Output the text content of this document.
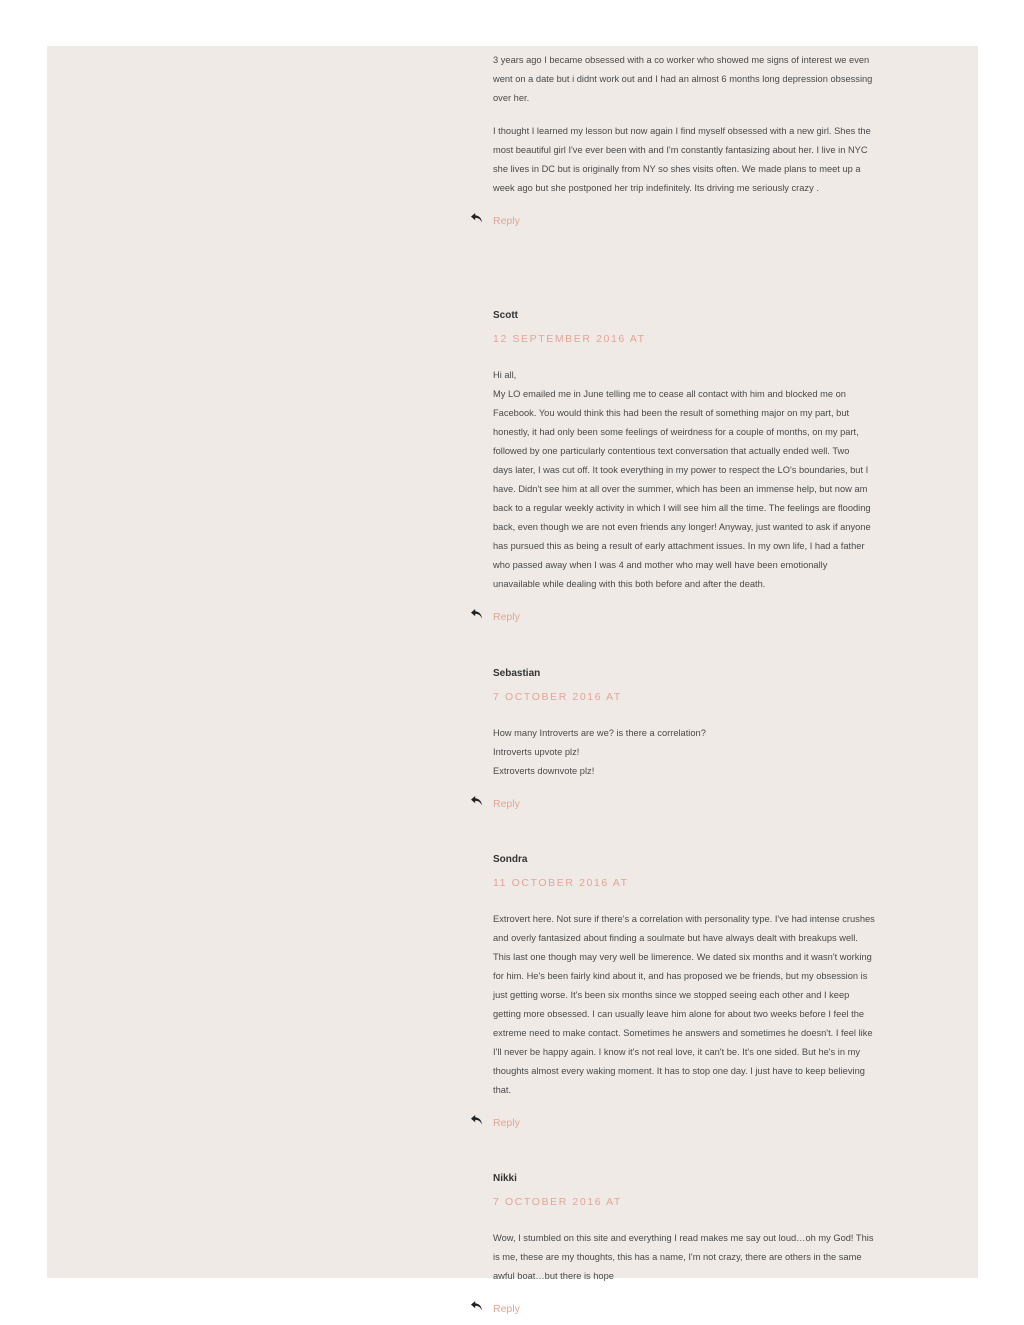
3 years ago I became obsessed with a co worker who showed me signs of interest we even
went on a date but i didnt work out and I had an almost 6 months long depression obsessing
over her.
I thought I learned my lesson but now again I find myself obsessed with a new girl. Shes the
most beautiful girl I've ever been with and I'm constantly fantasizing about her. I live in NYC
she lives in DC but is originally from NY so shes visits often. We made plans to meet up a
week ago but she postponed her trip indefinitely. Its driving me seriously crazy .
Reply
Scott
12 SEPTEMBER 2016 AT
Hi all,
My LO emailed me in June telling me to cease all contact with him and blocked me on
Facebook. You would think this had been the result of something major on my part, but
honestly, it had only been some feelings of weirdness for a couple of months, on my part,
followed by one particularly contentious text conversation that actually ended well. Two
days later, I was cut off. It took everything in my power to respect the LO's boundaries, but I
have. Didn't see him at all over the summer, which has been an immense help, but now am
back to a regular weekly activity in which I will see him all the time. The feelings are flooding
back, even though we are not even friends any longer! Anyway, just wanted to ask if anyone
has pursued this as being a result of early attachment issues. In my own life, I had a father
who passed away when I was 4 and mother who may well have been emotionally
unavailable while dealing with this both before and after the death.
Reply
Sebastian
7 OCTOBER 2016 AT
How many Introverts are we? is there a correlation?
Introverts upvote plz!
Extroverts downvote plz!
Reply
Sondra
11 OCTOBER 2016 AT
Extrovert here. Not sure if there's a correlation with personality type. I've had intense crushes
and overly fantasized about finding a soulmate but have always dealt with breakups well.
This last one though may very well be limerence. We dated six months and it wasn't working
for him. He's been fairly kind about it, and has proposed we be friends, but my obsession is
just getting worse. It's been six months since we stopped seeing each other and I keep
getting more obsessed. I can usually leave him alone for about two weeks before I feel the
extreme need to make contact. Sometimes he answers and sometimes he doesn't. I feel like
I'll never be happy again. I know it's not real love, it can't be. It's one sided. But he's in my
thoughts almost every waking moment. It has to stop one day. I just have to keep believing
that.
Reply
Nikki
7 OCTOBER 2016 AT
Wow, I stumbled on this site and everything I read makes me say out loud…oh my God! This
is me, these are my thoughts, this has a name, I'm not crazy, there are others in the same
awful boat…but there is hope
Reply
